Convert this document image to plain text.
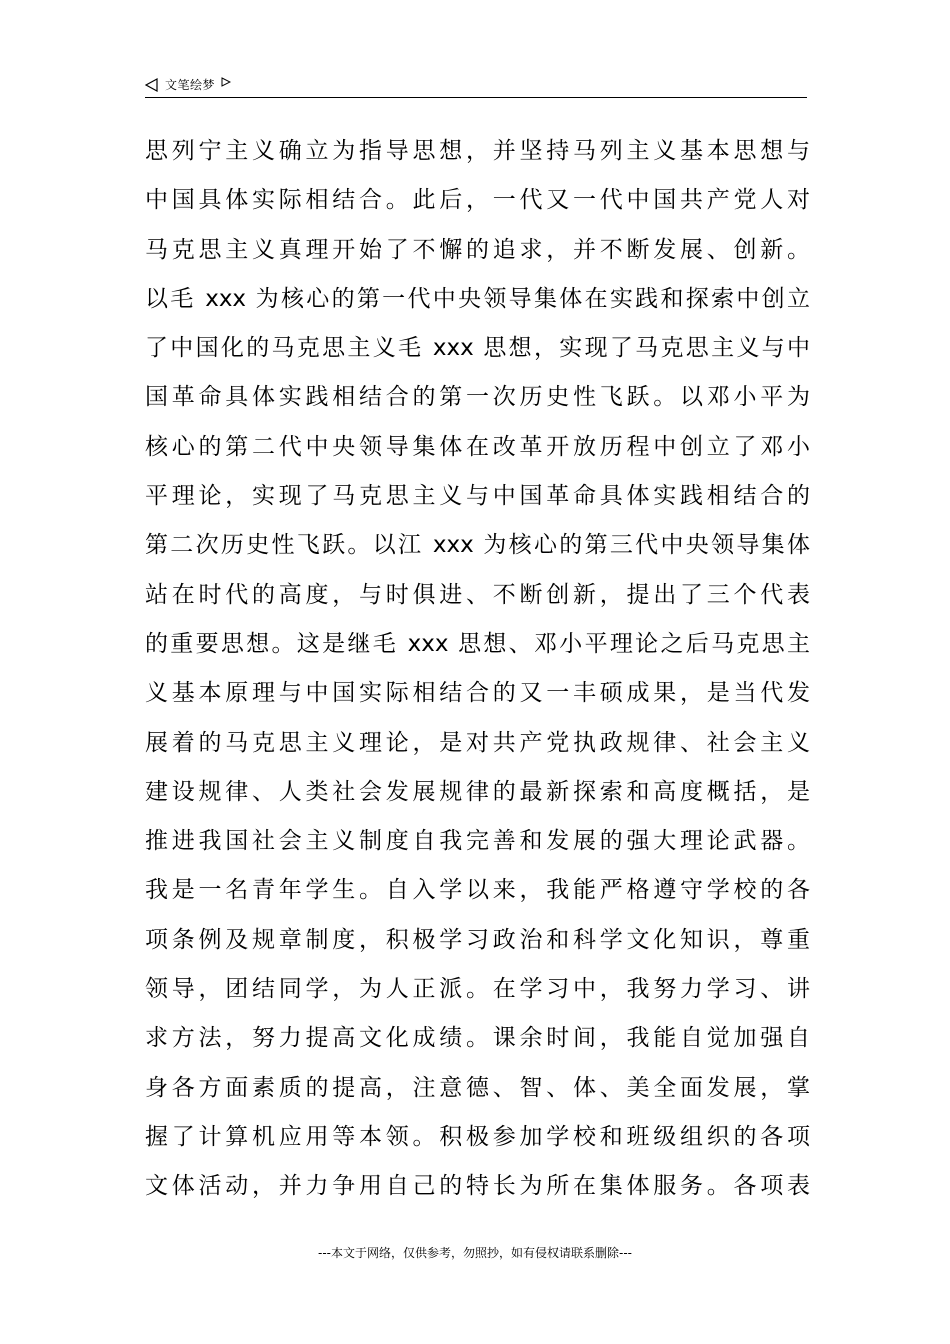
文笔绘梦
思列宁主义确立为指导思想，并坚持马列主义基本思想与
中国具体实际相结合。此后，一代又一代中国共产党人对
马克思主义真理开始了不懈的追求，并不断发展、创新。
以毛 xxx 为核心的第一代中央领导集体在实践和探索中创立
了中国化的马克思主义毛 xxx 思想，实现了马克思主义与中
国革命具体实践相结合的第一次历史性飞跃。以邓小平为
核心的第二代中央领导集体在改革开放历程中创立了邓小
平理论，实现了马克思主义与中国革命具体实践相结合的
第二次历史性飞跃。以江 xxx 为核心的第三代中央领导集体
站在时代的高度，与时俱进、不断创新，提出了三个代表
的重要思想。这是继毛 xxx 思想、邓小平理论之后马克思主
义基本原理与中国实际相结合的又一丰硕成果，是当代发
展着的马克思主义理论，是对共产党执政规律、社会主义
建设规律、人类社会发展规律的最新探索和高度概括，是
推进我国社会主义制度自我完善和发展的强大理论武器。
我是一名青年学生。自入学以来，我能严格遵守学校的各
项条例及规章制度，积极学习政治和科学文化知识，尊重
领导，团结同学，为人正派。在学习中，我努力学习、讲
求方法，努力提高文化成绩。课余时间，我能自觉加强自
身各方面素质的提高，注意德、智、体、美全面发展，掌
握了计算机应用等本领。积极参加学校和班级组织的各项
文体活动，并力争用自己的特长为所在集体服务。各项表
---本文于网络，仅供参考，勿照抄，如有侵权请联系删除---
